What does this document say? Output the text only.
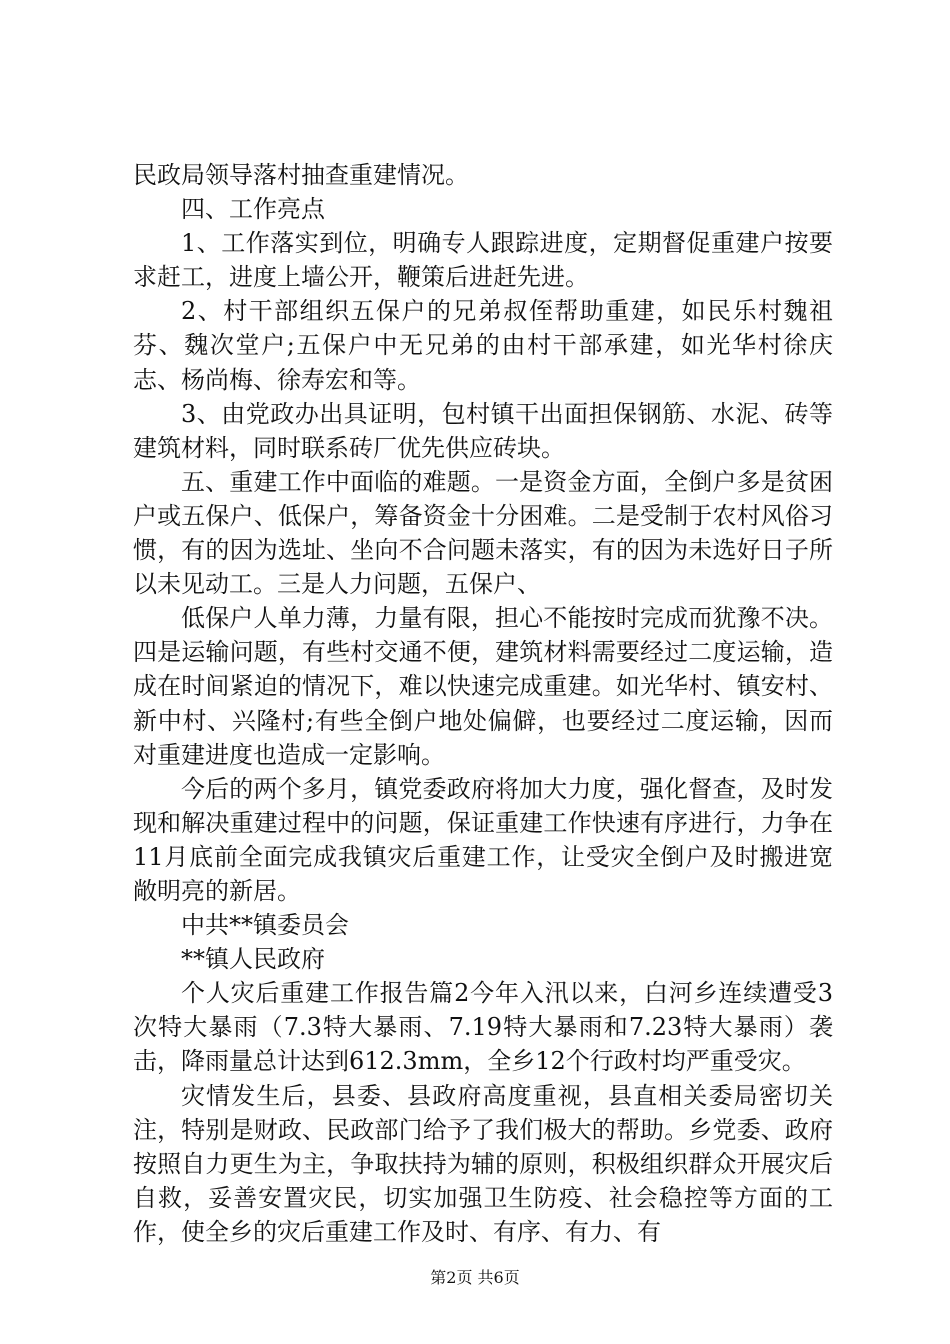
民政局领导落村抽查重建情况。

四、工作亮点

1、工作落实到位，明确专人跟踪进度，定期督促重建户按要求赶工，进度上墙公开，鞭策后进赶先进。

2、村干部组织五保户的兄弟叔侄帮助重建，如民乐村魏祖芬、魏次堂户;五保户中无兄弟的由村干部承建，如光华村徐庆志、杨尚梅、徐寿宏和等。

3、由党政办出具证明，包村镇干出面担保钢筋、水泥、砖等建筑材料，同时联系砖厂优先供应砖块。

五、重建工作中面临的难题。一是资金方面，全倒户多是贫困户或五保户、低保户，筹备资金十分困难。二是受制于农村风俗习惯，有的因为选址、坐向不合问题未落实，有的因为未选好日子所以未见动工。三是人力问题，五保户、

低保户人单力薄，力量有限，担心不能按时完成而犹豫不决。四是运输问题，有些村交通不便，建筑材料需要经过二度运输，造成在时间紧迫的情况下，难以快速完成重建。如光华村、镇安村、新中村、兴隆村;有些全倒户地处偏僻，也要经过二度运输，因而对重建进度也造成一定影响。

今后的两个多月，镇党委政府将加大力度，强化督查，及时发现和解决重建过程中的问题，保证重建工作快速有序进行，力争在11月底前全面完成我镇灾后重建工作，让受灾全倒户及时搬进宽敞明亮的新居。

中共**镇委员会

**镇人民政府

个人灾后重建工作报告篇2今年入汛以来，白河乡连续遭受3次特大暴雨（7.3特大暴雨、7.19特大暴雨和7.23特大暴雨）袭击，降雨量总计达到612.3mm，全乡12个行政村均严重受灾。

灾情发生后，县委、县政府高度重视，县直相关委局密切关注，特别是财政、民政部门给予了我们极大的帮助。乡党委、政府按照自力更生为主，争取扶持为辅的原则，积极组织群众开展灾后自救，妥善安置灾民，切实加强卫生防疫、社会稳控等方面的工作，使全乡的灾后重建工作及时、有序、有力、有

第2页 共6页
